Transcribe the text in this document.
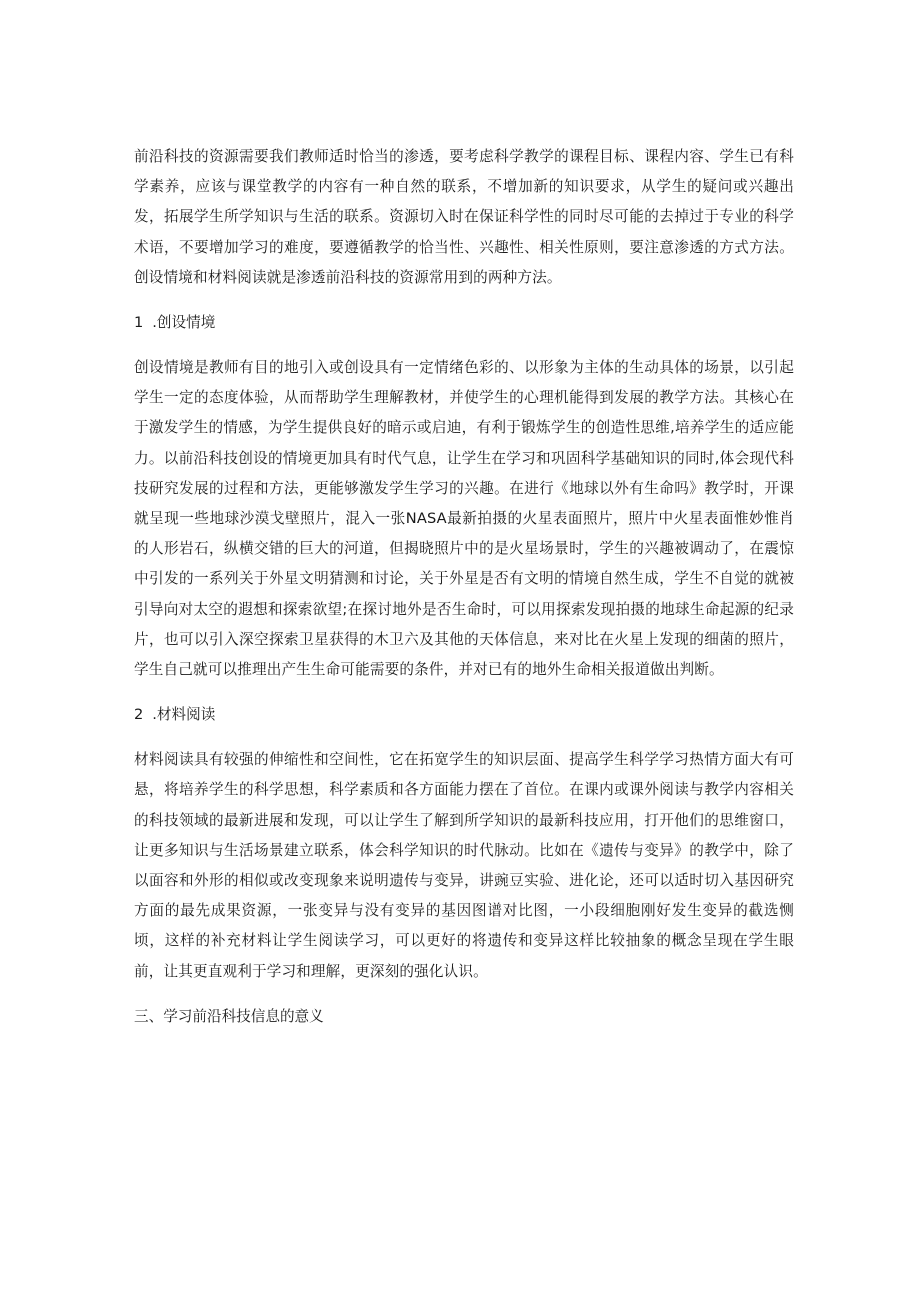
前沿科技的资源需要我们教师适时恰当的渗透，要考虑科学教学的课程目标、课程内容、学生已有科学素养，应该与课堂教学的内容有一种自然的联系，不增加新的知识要求，从学生的疑问或兴趣出发，拓展学生所学知识与生活的联系。资源切入时在保证科学性的同时尽可能的去掉过于专业的科学术语，不要增加学习的难度，要遵循教学的恰当性、兴趣性、相关性原则，要注意渗透的方式方法。创设情境和材料阅读就是渗透前沿科技的资源常用到的两种方法。

1 .创设情境

创设情境是教师有目的地引入或创设具有一定情绪色彩的、以形象为主体的生动具体的场景，以引起学生一定的态度体验，从而帮助学生理解教材，并使学生的心理机能得到发展的教学方法。其核心在于激发学生的情感，为学生提供良好的暗示或启迪，有利于锻炼学生的创造性思维,培养学生的适应能力。以前沿科技创设的情境更加具有时代气息，让学生在学习和巩固科学基础知识的同时,体会现代科技研究发展的过程和方法，更能够激发学生学习的兴趣。在进行《地球以外有生命吗》教学时，开课就呈现一些地球沙漠戈壁照片，混入一张NASA最新拍摄的火星表面照片，照片中火星表面惟妙惟肖的人形岩石，纵横交错的巨大的河道，但揭晓照片中的是火星场景时，学生的兴趣被调动了，在震惊中引发的一系列关于外星文明猜测和讨论，关于外星是否有文明的情境自然生成，学生不自觉的就被引导向对太空的遐想和探索欲望;在探讨地外是否生命时，可以用探索发现拍摄的地球生命起源的纪录片，也可以引入深空探索卫星获得的木卫六及其他的天体信息，来对比在火星上发现的细菌的照片，学生自己就可以推理出产生生命可能需要的条件，并对已有的地外生命相关报道做出判断。

2 .材料阅读

材料阅读具有较强的伸缩性和空间性，它在拓宽学生的知识层面、提高学生科学学习热情方面大有可悬，将培养学生的科学思想，科学素质和各方面能力摆在了首位。在课内或课外阅读与教学内容相关的科技领域的最新进展和发现，可以让学生了解到所学知识的最新科技应用，打开他们的思维窗口，让更多知识与生活场景建立联系，体会科学知识的时代脉动。比如在《遗传与变异》的教学中，除了以面容和外形的相似或改变现象来说明遗传与变异，讲豌豆实验、进化论，还可以适时切入基因研究方面的最先成果资源，一张变异与没有变异的基因图谱对比图，一小段细胞刚好发生变异的截选恻顷，这样的补充材料让学生阅读学习，可以更好的将遗传和变异这样比较抽象的概念呈现在学生眼前，让其更直观利于学习和理解，更深刻的强化认识。

三、学习前沿科技信息的意义
